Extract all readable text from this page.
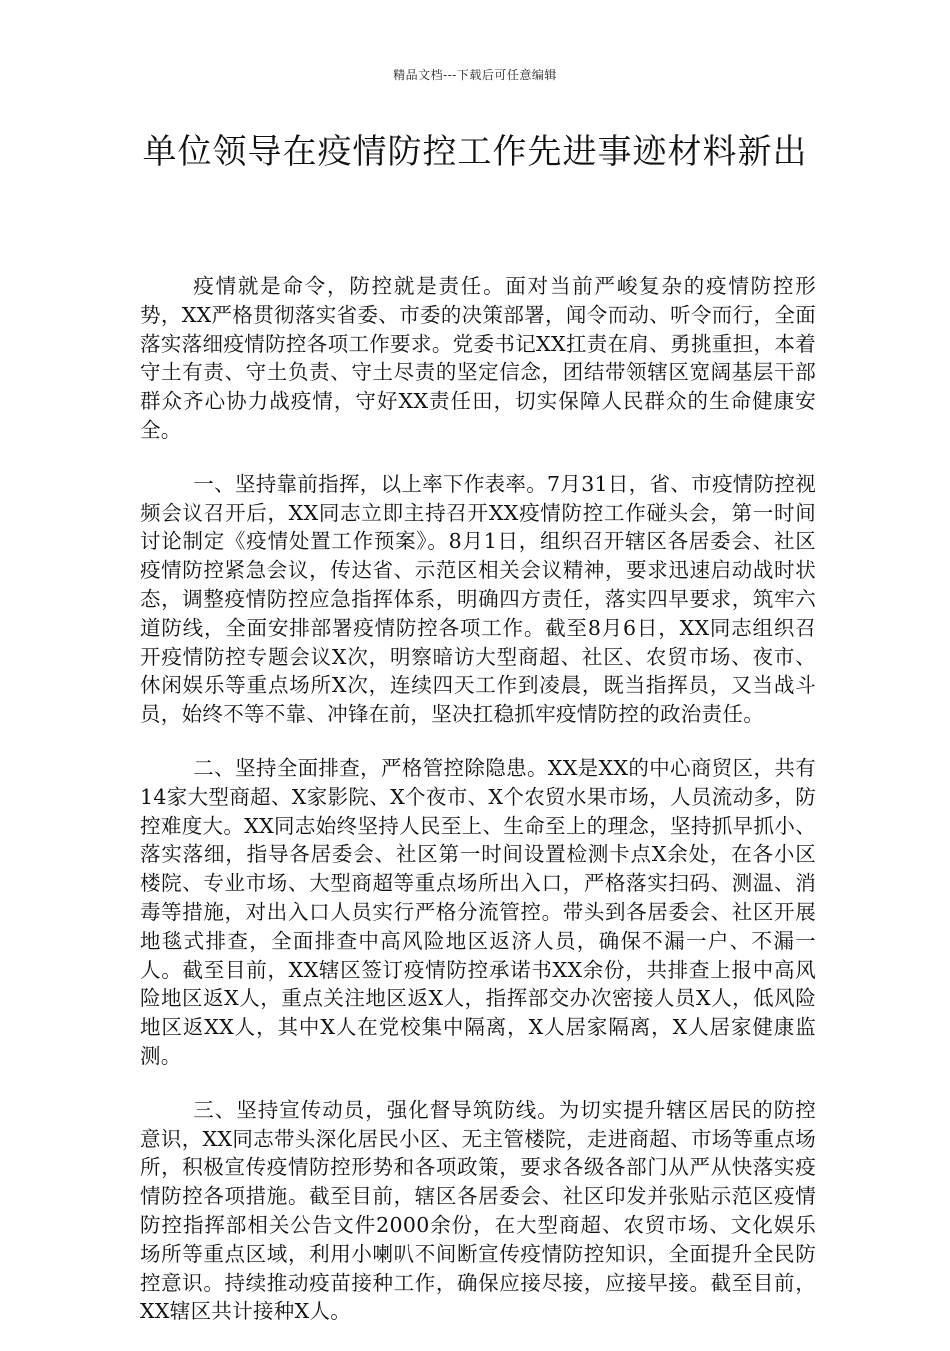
精品文档---下载后可任意编辑
单位领导在疫情防控工作先进事迹材料新出

疫情就是命令，防控就是责任。面对当前严峻复杂的疫情防控形势，XX严格贯彻落实省委、市委的决策部署，闻令而动、听令而行，全面落实落细疫情防控各项工作要求。党委书记XX扛责在肩、勇挑重担，本着守土有责、守土负责、守土尽责的坚定信念，团结带领辖区宽阔基层干部群众齐心协力战疫情，守好XX责任田，切实保障人民群众的生命健康安全。

一、坚持靠前指挥，以上率下作表率。7月31日，省、市疫情防控视频会议召开后，XX同志立即主持召开XX疫情防控工作碰头会，第一时间讨论制定《疫情处置工作预案》。8月1日，组织召开辖区各居委会、社区疫情防控紧急会议，传达省、示范区相关会议精神，要求迅速启动战时状态，调整疫情防控应急指挥体系，明确四方责任，落实四早要求，筑牢六道防线，全面安排部署疫情防控各项工作。截至8月6日，XX同志组织召开疫情防控专题会议X次，明察暗访大型商超、社区、农贸市场、夜市、休闲娱乐等重点场所X次，连续四天工作到凌晨，既当指挥员，又当战斗员，始终不等不靠、冲锋在前，坚决扛稳抓牢疫情防控的政治责任。

二、坚持全面排查，严格管控除隐患。XX是XX的中心商贸区，共有14家大型商超、X家影院、X个夜市、X个农贸水果市场，人员流动多，防控难度大。XX同志始终坚持人民至上、生命至上的理念，坚持抓早抓小、落实落细，指导各居委会、社区第一时间设置检测卡点X余处，在各小区楼院、专业市场、大型商超等重点场所出入口，严格落实扫码、测温、消毒等措施，对出入口人员实行严格分流管控。带头到各居委会、社区开展地毯式排查，全面排查中高风险地区返济人员，确保不漏一户、不漏一人。截至目前，XX辖区签订疫情防控承诺书XX余份，共排查上报中高风险地区返X人，重点关注地区返X人，指挥部交办次密接人员X人，低风险地区返XX人，其中X人在党校集中隔离，X人居家隔离，X人居家健康监测。

三、坚持宣传动员，强化督导筑防线。为切实提升辖区居民的防控意识，XX同志带头深化居民小区、无主管楼院，走进商超、市场等重点场所，积极宣传疫情防控形势和各项政策，要求各级各部门从严从快落实疫情防控各项措施。截至目前，辖区各居委会、社区印发并张贴示范区疫情防控指挥部相关公告文件2000余份，在大型商超、农贸市场、文化娱乐场所等重点区域，利用小喇叭不间断宣传疫情防控知识，全面提升全民防控意识。持续推动疫苗接种工作，确保应接尽接，应接早接。截至目前，XX辖区共计接种X人。
